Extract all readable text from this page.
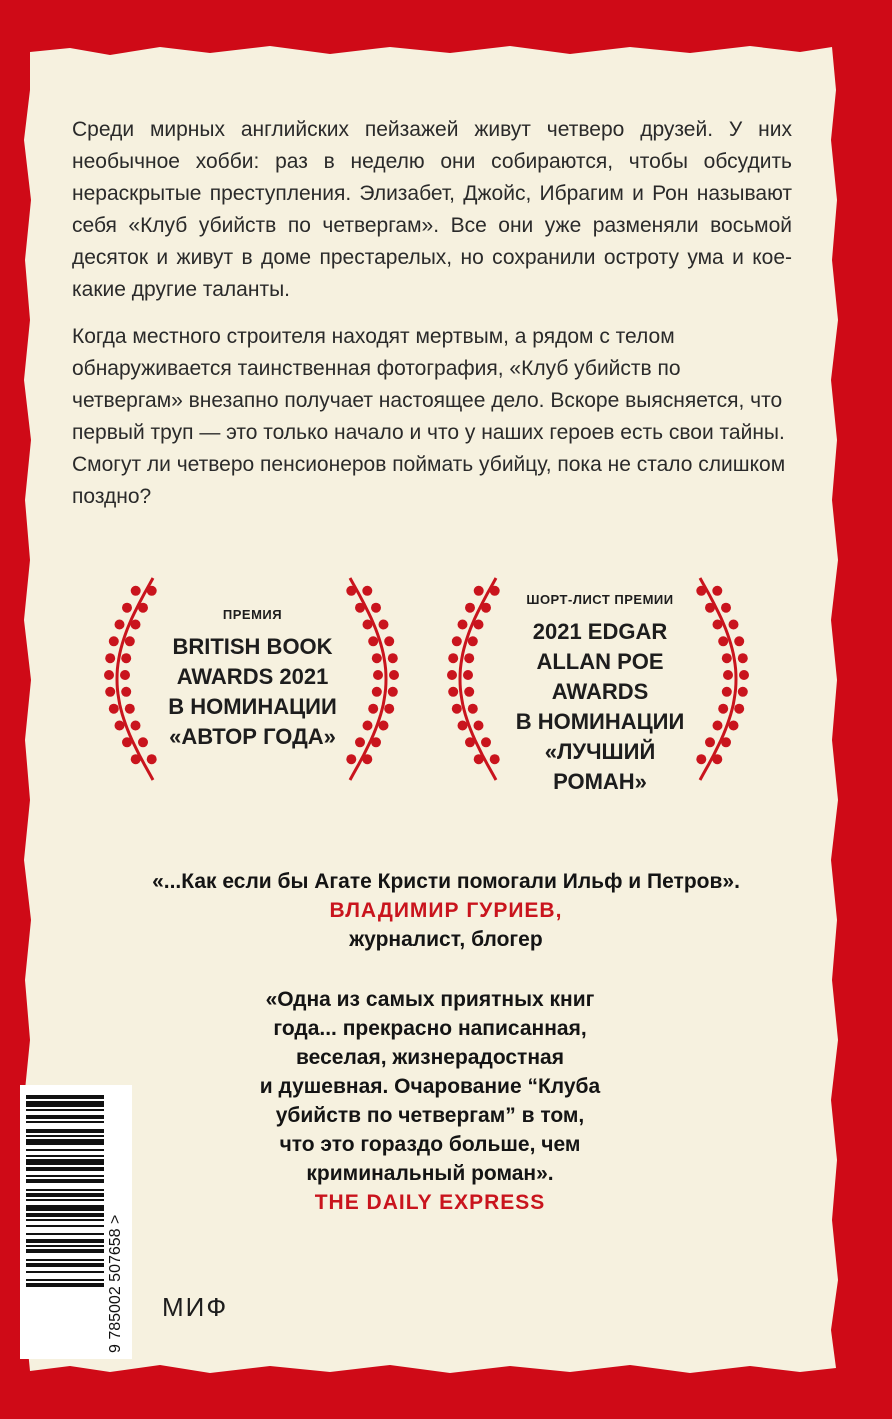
Среди мирных английских пейзажей живут четверо друзей. У них необычное хобби: раз в неделю они собираются, чтобы обсудить нераскрытые преступления. Элизабет, Джойс, Ибрагим и Рон называют себя «Клуб убийств по четвергам». Все они уже разменяли восьмой десяток и живут в доме престарелых, но сохранили остроту ума и кое-какие другие таланты.

Когда местного строителя находят мертвым, а рядом с телом обнаруживается таинственная фотография, «Клуб убийств по четвергам» внезапно получает настоящее дело. Вскоре выясняется, что первый труп — это только начало и что у наших героев есть свои тайны. Смогут ли четверо пенсионеров поймать убийцу, пока не стало слишком поздно?

ПРЕМИЯ
BRITISH BOOK
AWARDS 2021
В НОМИНАЦИИ
«АВТОР ГОДА»
ШОРТ-ЛИСТ ПРЕМИИ
2021 EDGAR
ALLAN POE
AWARDS
В НОМИНАЦИИ
«ЛУЧШИЙ
РОМАН»
«...Как если бы Агате Кристи помогали Ильф и Петров».
ВЛАДИМИР ГУРИЕВ,
журналист, блогер
«Одна из самых приятных книг
года... прекрасно написанная,
веселая, жизнерадостная
и душевная. Очарование “Клуба
убийств по четвергам” в том,
что это гораздо больше, чем
криминальный роман».
THE DAILY EXPRESS
9 785002 507658 > МИФ
